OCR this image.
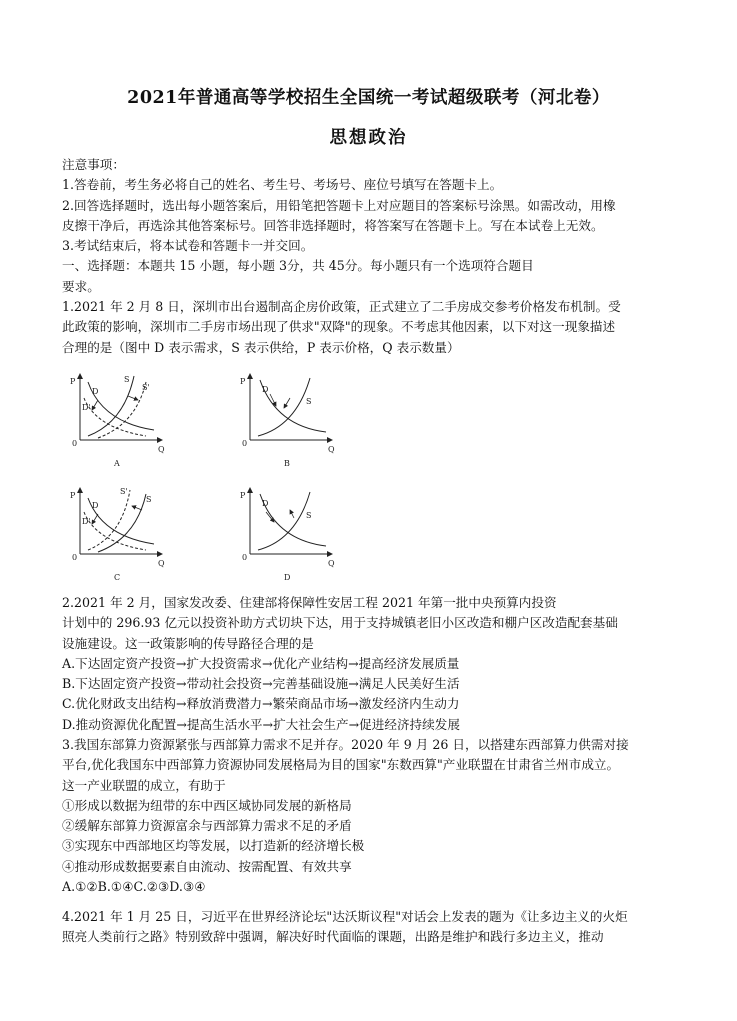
2021年普通高等学校招生全国统一考试超级联考（河北卷）
思想政治
注意事项：
1.答卷前，考生务必将自己的姓名、考生号、考场号、座位号填写在答题卡上。
2.回答选择题时，选出每小题答案后，用铅笔把答题卡上对应题目的答案标号涂黑。如需改动，用橡
皮擦干净后，再选涂其他答案标号。回答非选择题时，将答案写在答题卡上。写在本试卷上无效。
3.考试结束后，将本试卷和答题卡一并交回。
一、选择题：本题共 15 小题，每小题 3分，共 45分。每小题只有一个选项符合题目
要求。
1.2021 年 2 月 8 日，深圳市出台遏制高企房价政策，正式建立了二手房成交参考价格发布机制。受
此政策的影响，深圳市二手房市场出现了供求"双降"的现象。不考虑其他因素，以下对这一现象描述
合理的是（图中 D 表示需求，S 表示供给，P 表示价格，Q 表示数量）
P
Q
0
D
D'
S
S'
A
P
Q
0
D
S
B
P
Q
0
D
D'
S
S'
C
P
Q
0
D
S
D
2.2021 年 2 月，国家发改委、住建部将保障性安居工程 2021 年第一批中央预算内投资
计划中的 296.93 亿元以投资补助方式切块下达，用于支持城镇老旧小区改造和棚户区改造配套基础
设施建设。这一政策影响的传导路径合理的是
A.下达固定资产投资→扩大投资需求→优化产业结构→提高经济发展质量
B.下达固定资产投资→带动社会投资→完善基础设施→满足人民美好生活
C.优化财政支出结构→释放消费潜力→繁荣商品市场→激发经济内生动力
D.推动资源优化配置→提高生活水平→扩大社会生产→促进经济持续发展
3.我国东部算力资源紧张与西部算力需求不足并存。2020 年 9 月 26 日，以搭建东西部算力供需对接
平台,优化我国东中西部算力资源协同发展格局为目的国家"东数西算"产业联盟在甘肃省兰州市成立。
这一产业联盟的成立，有助于
①形成以数据为纽带的东中西区域协同发展的新格局
②缓解东部算力资源富余与西部算力需求不足的矛盾
③实现东中西部地区均等发展，以打造新的经济增长极
④推动形成数据要素自由流动、按需配置、有效共享
A.①②B.①④C.②③D.③④
4.2021 年 1 月 25 日，习近平在世界经济论坛"达沃斯议程"对话会上发表的题为《让多边主义的火炬
照亮人类前行之路》特别致辞中强调，解决好时代面临的课题，出路是维护和践行多边主义，推动
